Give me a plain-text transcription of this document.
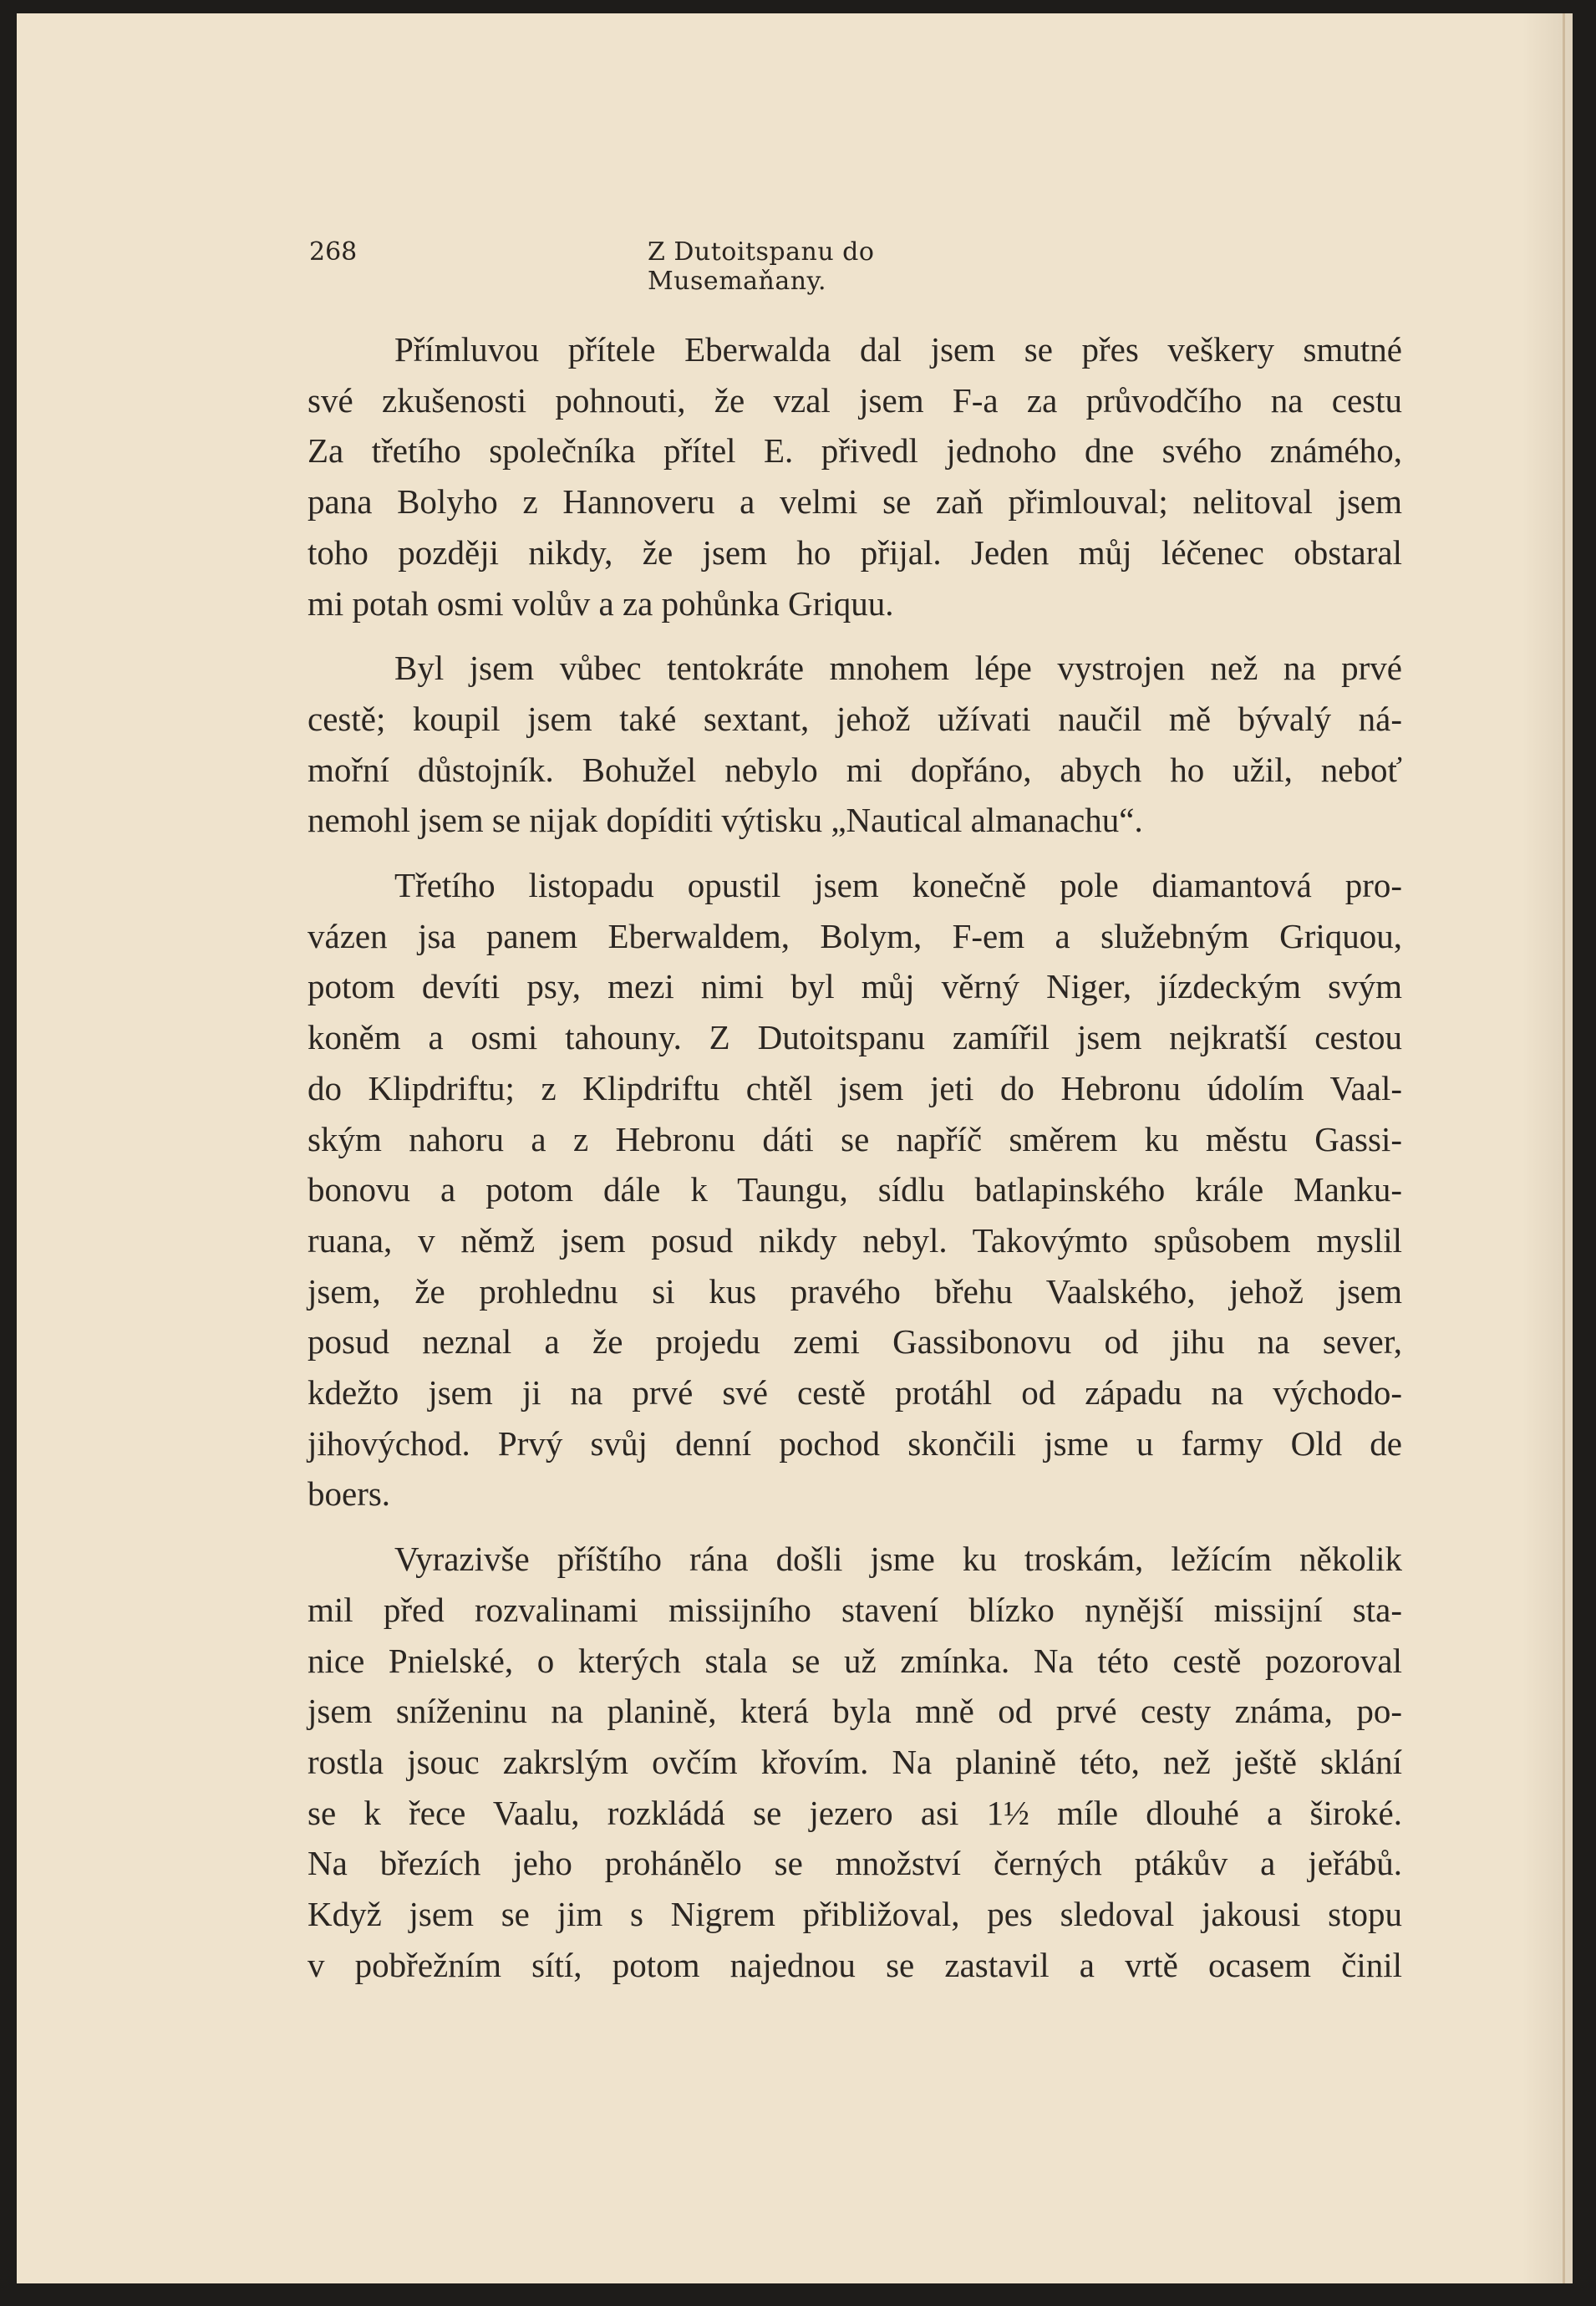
268	Z Dutoitspanu do Musemaňany.
Přímluvou přítele Eberwalda dal jsem se přes veškery smutné
své zkušenosti pohnouti, že vzal jsem F-a za průvodčího na cestu
Za třetího společníka přítel E. přivedl jednoho dne svého známého,
pana Bolyho z Hannoveru a velmi se zaň přimlouval; nelitoval jsem
toho později nikdy, že jsem ho přijal. Jeden můj léčenec obstaral
mi potah osmi volův a za pohůnka Griquu.
Byl jsem vůbec tentokráte mnohem lépe vystrojen než na prvé
cestě; koupil jsem také sextant, jehož užívati naučil mě bývalý ná-
mořní důstojník. Bohužel nebylo mi dopřáno, abych ho užil, neboť
nemohl jsem se nijak dopíditi výtisku „Nautical almanachu“.
Třetího listopadu opustil jsem konečně pole diamantová pro-
vázen jsa panem Eberwaldem, Bolym, F-em a služebným Griquou,
potom devíti psy, mezi nimi byl můj věrný Niger, jízdeckým svým
koněm a osmi tahouny. Z Dutoitspanu zamířil jsem nejkratší cestou
do Klipdriftu; z Klipdriftu chtěl jsem jeti do Hebronu údolím Vaal-
ským nahoru a z Hebronu dáti se napříč směrem ku městu Gassi-
bonovu a potom dále k Taungu, sídlu batlapinského krále Manku-
ruana, v němž jsem posud nikdy nebyl. Takovýmto spůsobem myslil
jsem, že prohlednu si kus pravého břehu Vaalského, jehož jsem
posud neznal a že projedu zemi Gassibonovu od jihu na sever,
kdežto jsem ji na prvé své cestě protáhl od západu na východo-
jihovýchod. Prvý svůj denní pochod skončili jsme u farmy Old de
boers.
Vyrazivše příštího rána došli jsme ku troskám, ležícím několik
mil před rozvalinami missijního stavení blízko nynější missijní sta-
nice Pnielské, o kterých stala se už zmínka. Na této cestě pozoroval
jsem sníženinu na planině, která byla mně od prvé cesty známa, po-
rostla jsouc zakrslým ovčím křovím. Na planině této, než ještě sklání
se k řece Vaalu, rozkládá se jezero asi 1½ míle dlouhé a široké.
Na březích jeho prohánělo se množství černých ptákův a jeřábů.
Když jsem se jim s Nigrem přibližoval, pes sledoval jakousi stopu
v pobřežním sítí, potom najednou se zastavil a vrtě ocasem činil
